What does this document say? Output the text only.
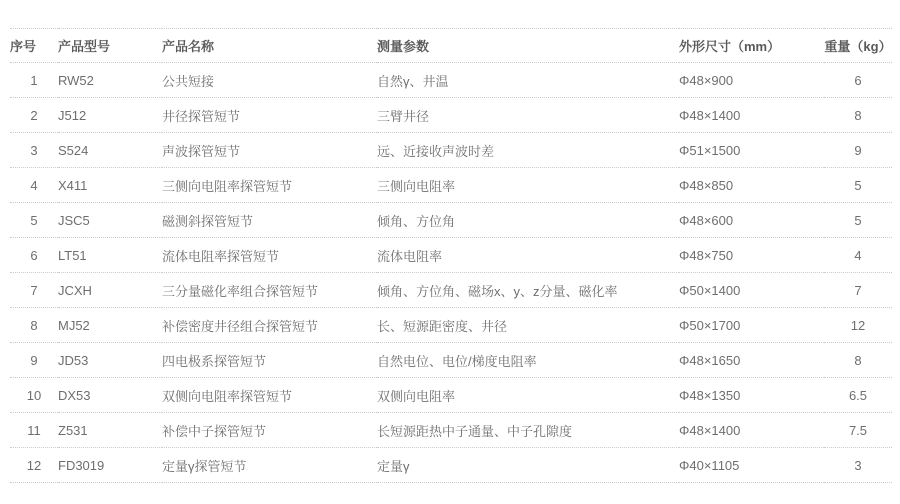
序号	产品型号	产品名称	测量参数	外形尺寸（mm）	重量（kg）
1	RW52	公共短接	自然γ、井温	Φ48×900	6
2	J512	井径探管短节	三臂井径	Φ48×1400	8
3	S524	声波探管短节	远、近接收声波时差	Φ51×1500	9
4	X411	三侧向电阻率探管短节	三侧向电阻率	Φ48×850	5
5	JSC5	磁测斜探管短节	倾角、方位角	Φ48×600	5
6	LT51	流体电阻率探管短节	流体电阻率	Φ48×750	4
7	JCXH	三分量磁化率组合探管短节	倾角、方位角、磁场x、y、z分量、磁化率	Φ50×1400	7
8	MJ52	补偿密度井径组合探管短节	长、短源距密度、井径	Φ50×1700	12
9	JD53	四电极系探管短节	自然电位、电位/梯度电阻率	Φ48×1650	8
10	DX53	双侧向电阻率探管短节	双侧向电阻率	Φ48×1350	6.5
11	Z531	补偿中子探管短节	长短源距热中子通量、中子孔隙度	Φ48×1400	7.5
12	FD3019	定量γ探管短节	定量γ	Φ40×1105	3
